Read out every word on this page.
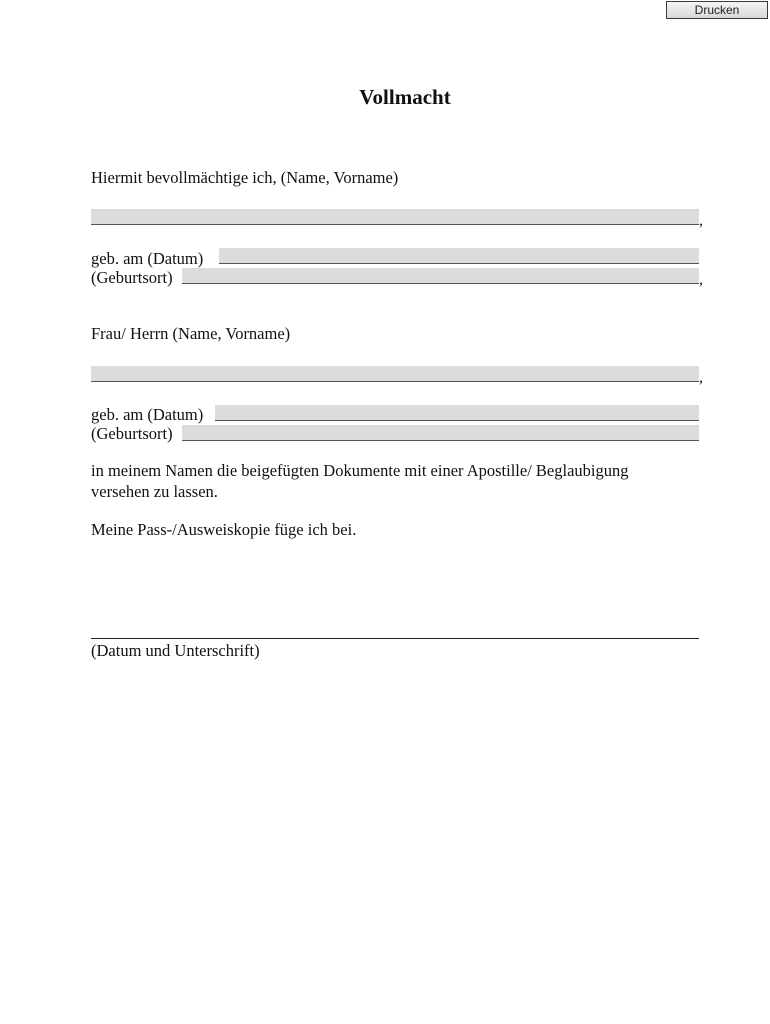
Drucken
Vollmacht
Hiermit bevollmächtige ich, (Name, Vorname)
,
geb. am (Datum)
(Geburtsort)	,
Frau/ Herrn (Name, Vorname)
,
geb. am (Datum)
(Geburtsort)
in meinem Namen die beigefügten Dokumente mit einer Apostille/ Beglaubigung
versehen zu lassen.
Meine Pass-/Ausweiskopie füge ich bei.
(Datum und Unterschrift)
